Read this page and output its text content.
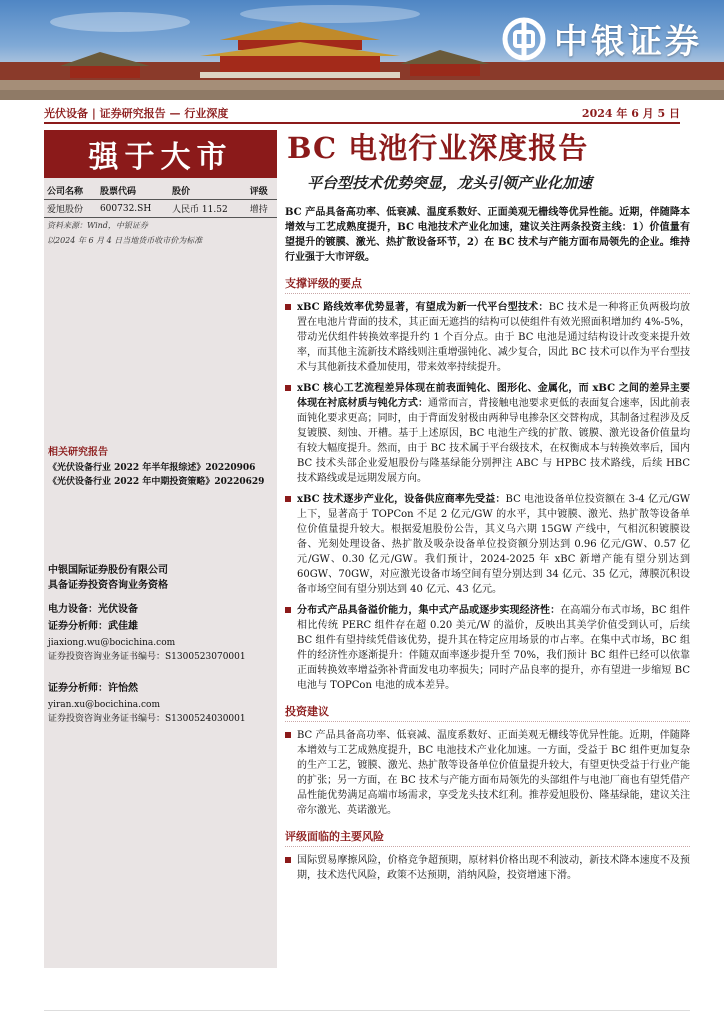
中银证券
光伏设备 | 证券研究报告 — 行业深度	2024 年 6 月 5 日
强于大市
公司名称	股票代码	股价	评级
爱旭股份	600732.SH	人民币 11.52	增持
资料来源：Wind，中银证券
以2024 年 6 月 4 日当地货币收市价为标准
相关研究报告
《光伏设备行业 2022 年半年报综述》20220906
《光伏设备行业 2022 年中期投资策略》20220629
中银国际证券股份有限公司
具备证券投资咨询业务资格
电力设备：光伏设备
证券分析师：武佳雄
jiaxiong.wu@bocichina.com
证券投资咨询业务证书编号：S1300523070001
证券分析师：许怡然
yiran.xu@bocichina.com
证券投资咨询业务证书编号：S1300524030001
BC 电池行业深度报告
平台型技术优势突显，龙头引领产业化加速
BC 产品具备高功率、低衰减、温度系数好、正面美观无栅线等优异性能。近期，伴随降本增效与工艺成熟度提升，BC 电池技术产业化加速，建议关注两条投资主线：1）价值量有望提升的镀膜、激光、热扩散设备环节，2）在 BC 技术与产能方面布局领先的企业。维持行业强于大市评级。
支撑评级的要点

xBC 路线效率优势显著，有望成为新一代平台型技术：BC 技术是一种将正负两极均放置在电池片背面的技术，其正面无遮挡的结构可以使组件有效光照面积增加约 4%-5%，带动光伏组件转换效率提升约 1 个百分点。由于 BC 电池是通过结构设计改变来提升效率，而其他主流新技术路线则注重增强钝化、减少复合，因此 BC 技术可以作为平台型技术与其他新技术叠加使用，带来效率持续提升。

xBC 核心工艺流程差异体现在前表面钝化、图形化、金属化，而 xBC 之间的差异主要体现在衬底材质与钝化方式：通常而言，背接触电池要求更低的表面复合速率，因此前表面钝化要求更高；同时，由于背面发射极由两种导电掺杂区交替构成，其制备过程涉及反复镀膜、刻蚀、开槽。基于上述原因，BC 电池生产线的扩散、镀膜、激光设备价值量均有较大幅度提升。然而，由于 BC 技术属于平台级技术，在权衡成本与转换效率后，国内 BC 技术头部企业爱旭股份与隆基绿能分别押注 ABC 与 HPBC 技术路线，后续 HBC 技术路线或是远期发展方向。

xBC 技术逐步产业化，设备供应商率先受益：BC 电池设备单位投资额在 3-4 亿元/GW 上下，显著高于 TOPCon 不足 2 亿元/GW 的水平，其中镀膜、激光、热扩散等设备单位价值量提升较大。根据爱旭股份公告，其义乌六期 15GW 产线中，气相沉积镀膜设备、光刻处理设备、热扩散及吸杂设备单位投资额分别达到 0.96 亿元/GW、0.57 亿元/GW、0.30 亿元/GW。我们预计，2024-2025 年 xBC 新增产能有望分别达到 60GW、70GW，对应激光设备市场空间有望分别达到 34 亿元、35 亿元，薄膜沉积设备市场空间有望分别达到 40 亿元、43 亿元。

分布式产品具备溢价能力，集中式产品或逐步实现经济性：在高端分布式市场，BC 组件相比传统 PERC 组件存在超 0.20 美元/W 的溢价，反映出其美学价值受到认可，后续 BC 组件有望持续凭借该优势，提升其在特定应用场景的市占率。在集中式市场，BC 组件的经济性亦逐渐提升：伴随双面率逐步提升至 70%，我们预计 BC 组件已经可以依靠正面转换效率增益弥补背面发电功率损失；同时产品良率的提升，亦有望进一步缩短 BC 电池与 TOPCon 电池的成本差异。

投资建议

BC 产品具备高功率、低衰减、温度系数好、正面美观无栅线等优异性能。近期，伴随降本增效与工艺成熟度提升，BC 电池技术产业化加速。一方面，受益于 BC 组件更加复杂的生产工艺，镀膜、激光、热扩散等设备单位价值量提升较大，有望更快受益于行业产能的扩张；另一方面，在 BC 技术与产能方面布局领先的头部组件与电池厂商也有望凭借产品性能优势满足高端市场需求，享受龙头技术红利。推荐爱旭股份、隆基绿能，建议关注帝尔激光、英诺激光。

评级面临的主要风险

国际贸易摩擦风险，价格竞争超预期，原材料价格出现不利波动，新技术降本速度不及预期，技术迭代风险，政策不达预期，消纳风险，投资增速下滑。
